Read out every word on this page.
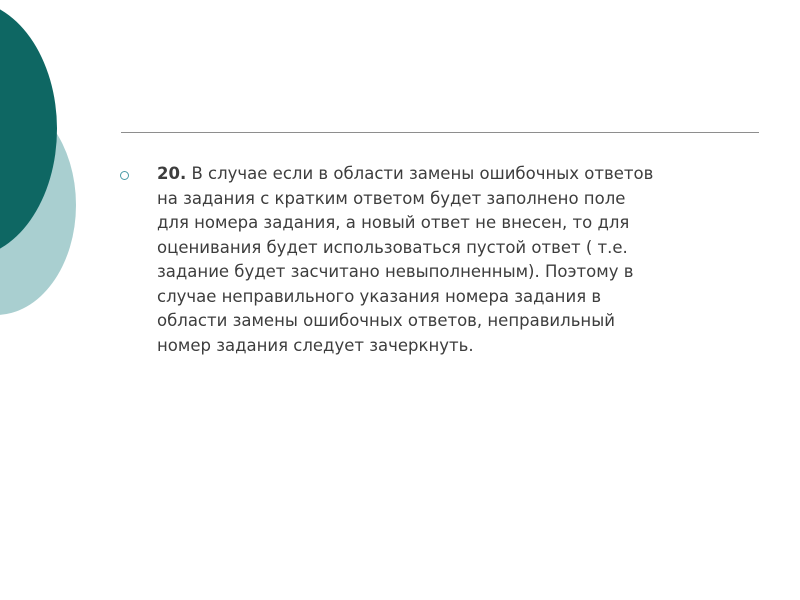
20. В случае если в области замены ошибочных ответов
на задания с кратким ответом будет заполнено поле
для номера задания, а новый ответ не внесен, то для
оценивания будет использоваться пустой ответ ( т.е.
задание будет засчитано невыполненным). Поэтому в
случае неправильного указания номера задания в
области замены ошибочных ответов, неправильный
номер задания следует зачеркнуть.
